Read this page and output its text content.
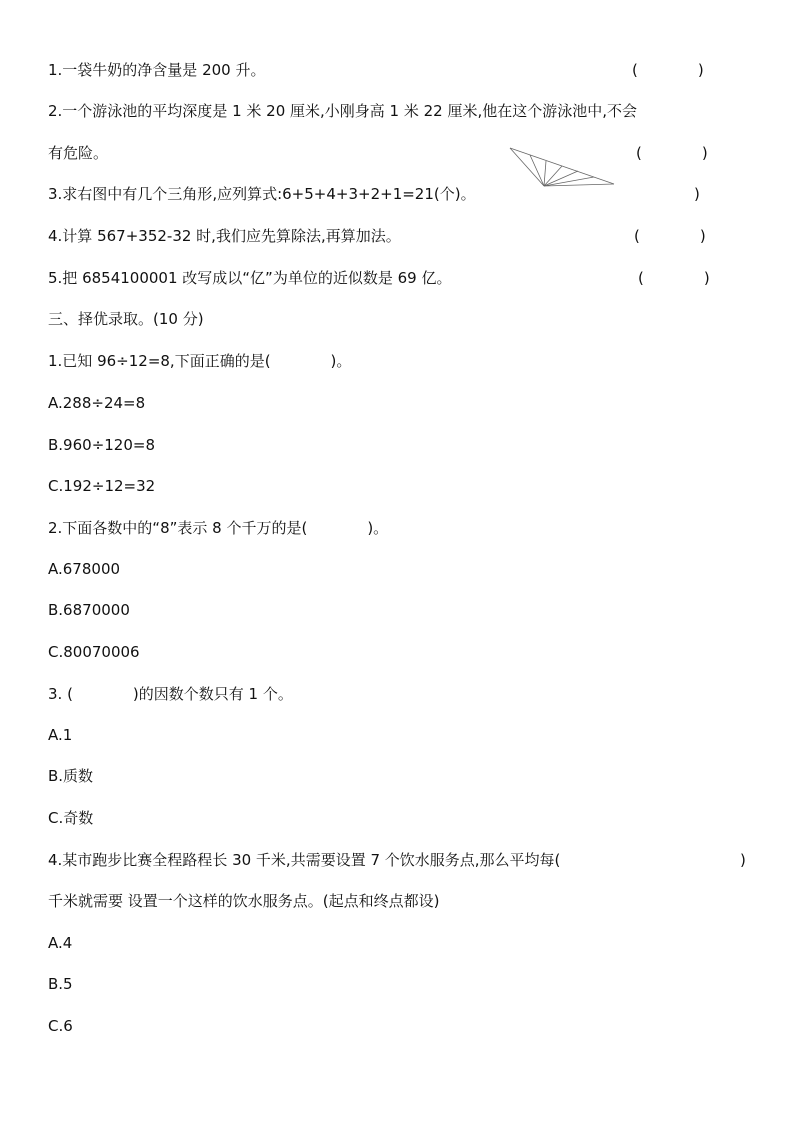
1.一袋牛奶的净含量是 200 升。	(　　　　)
2.一个游泳池的平均深度是 1 米 20 厘米,小刚身高 1 米 22 厘米,他在这个游泳池中,不会
有危险。	(　　　　)
3.求右图中有几个三角形,应列算式:6+5+4+3+2+1=21(个)。	)
4.计算 567+352-32 时,我们应先算除法,再算加法。	(　　　　)
5.把 6854100001 改写成以“亿”为单位的近似数是 69 亿。	(　　　　)
三、择优录取。(10 分)
1.已知 96÷12=8,下面正确的是(　　　　)。
A.288÷24=8
B.960÷120=8
C.192÷12=32
2.下面各数中的“8”表示 8 个千万的是(　　　　)。
A.678000
B.6870000
C.80070006
3. (　　　　)的因数个数只有 1 个。
A.1
B.质数
C.奇数
4.某市跑步比赛全程路程长 30 千米,共需要设置 7 个饮水服务点,那么平均每(	)
千米就需要 设置一个这样的饮水服务点。(起点和终点都设)
A.4
B.5
C.6
